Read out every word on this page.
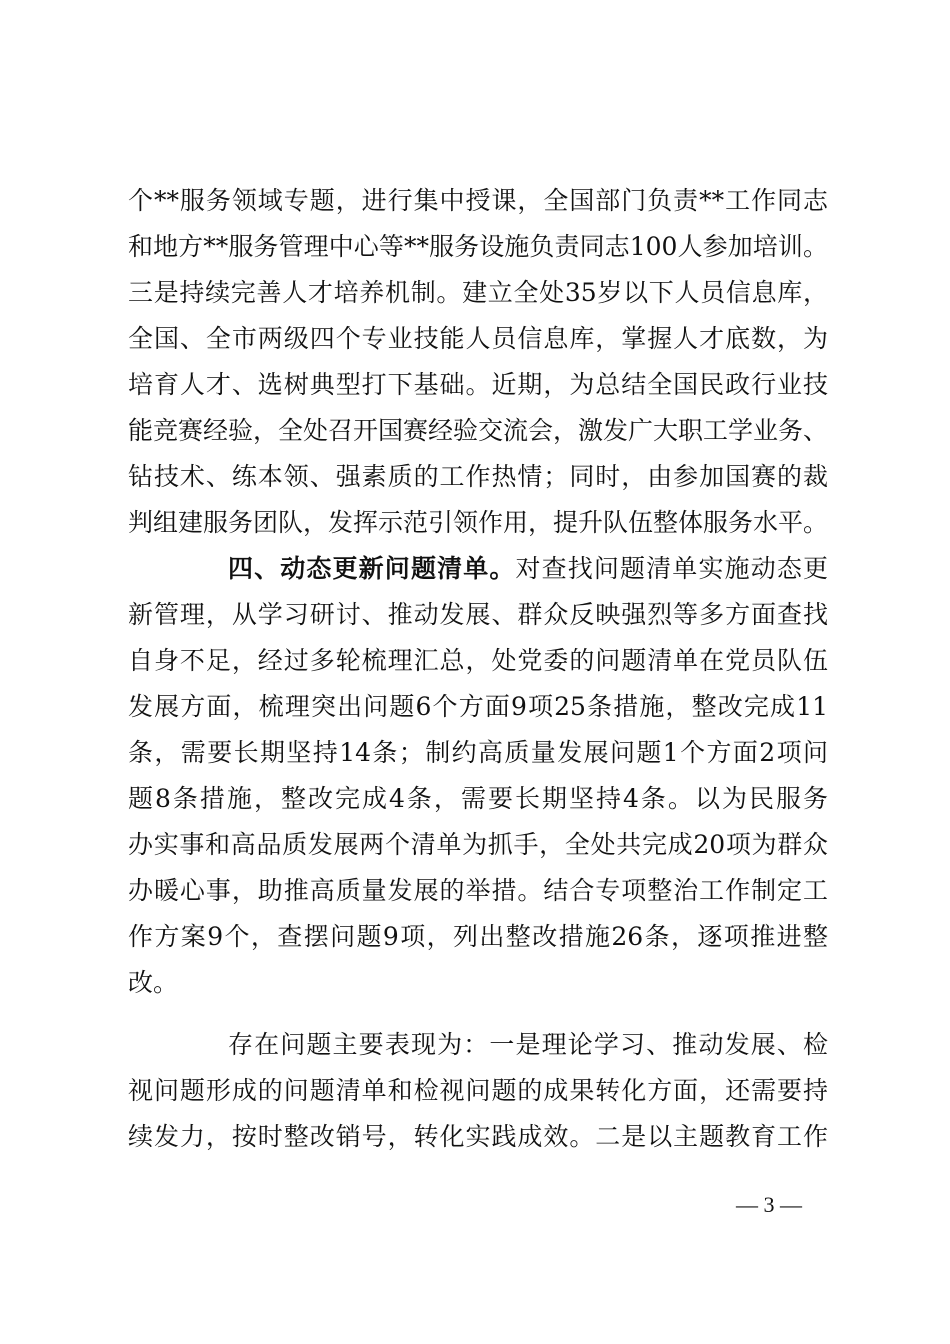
个**服务领域专题，进行集中授课，全国部门负责**工作同志
和地方**服务管理中心等**服务设施负责同志100人参加培训。
三是持续完善人才培养机制。建立全处35岁以下人员信息库，
全国、全市两级四个专业技能人员信息库，掌握人才底数，为
培育人才、选树典型打下基础。近期，为总结全国民政行业技
能竞赛经验，全处召开国赛经验交流会，激发广大职工学业务、
钻技术、练本领、强素质的工作热情；同时，由参加国赛的裁
判组建服务团队，发挥示范引领作用，提升队伍整体服务水平。
四、动态更新问题清单。对查找问题清单实施动态更
新管理，从学习研讨、推动发展、群众反映强烈等多方面查找
自身不足，经过多轮梳理汇总，处党委的问题清单在党员队伍
发展方面，梳理突出问题6个方面9项25条措施，整改完成11
条，需要长期坚持14条；制约高质量发展问题1个方面2项问
题8条措施，整改完成4条，需要长期坚持4条。以为民服务
办实事和高品质发展两个清单为抓手，全处共完成20项为群众
办暖心事，助推高质量发展的举措。结合专项整治工作制定工
作方案9个，查摆问题9项，列出整改措施26条，逐项推进整
改。
存在问题主要表现为：一是理论学习、推动发展、检
视问题形成的问题清单和检视问题的成果转化方面，还需要持
续发力，按时整改销号，转化实践成效。二是以主题教育工作
— 3 —
